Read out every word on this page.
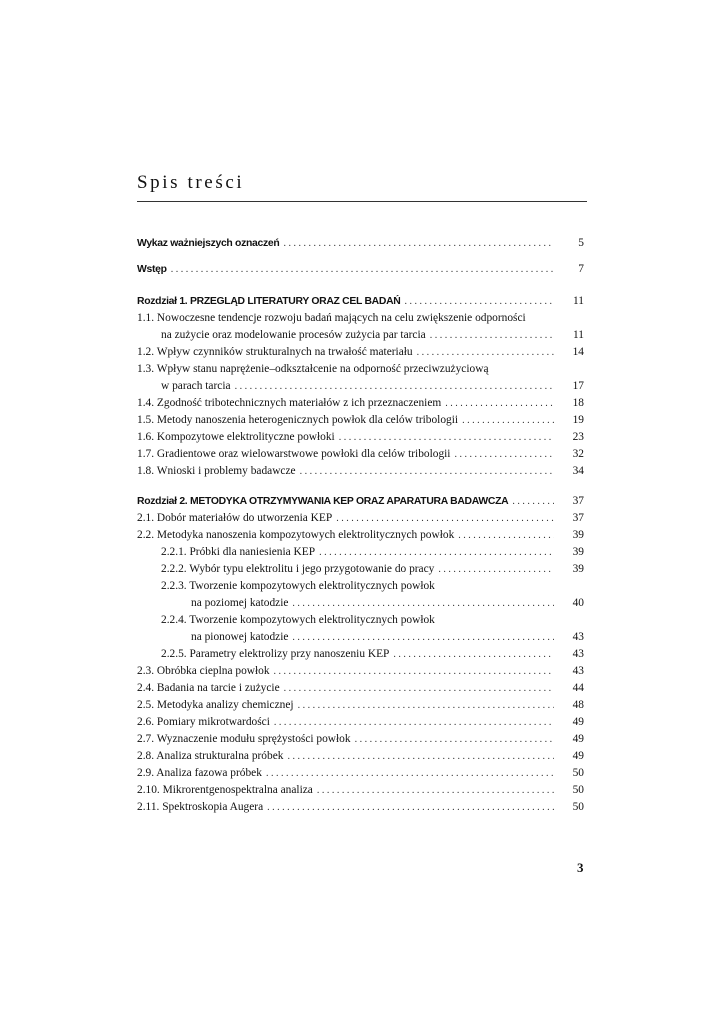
Spis treści
Wykaz ważniejszych oznaczeń . . .	5
Wstęp . . .	7
Rozdział 1. PRZEGLĄD LITERATURY ORAZ CEL BADAŃ . . .	11
1.1. Nowoczesne tendencje rozwoju badań mających na celu zwiększenie odporności
na zużycie oraz modelowanie procesów zużycia par tarcia . . .	11
1.2. Wpływ czynników strukturalnych na trwałość materiału . . .	14
1.3. Wpływ stanu naprężenie–odkształcenie na odporność przeciwzużyciową
w parach tarcia . . .	17
1.4. Zgodność tribotechnicznych materiałów z ich przeznaczeniem . . .	18
1.5. Metody nanoszenia heterogenicznych powłok dla celów tribologii . . .	19
1.6. Kompozytowe elektrolityczne powłoki . . .	23
1.7. Gradientowe oraz wielowarstwowe powłoki dla celów tribologii . . .	32
1.8. Wnioski i problemy badawcze . . .	34
Rozdział 2. METODYKA OTRZYMYWANIA KEP ORAZ APARATURA BADAWCZA . . .	37
2.1. Dobór materiałów do utworzenia KEP . . .	37
2.2. Metodyka nanoszenia kompozytowych elektrolitycznych powłok . . .	39
2.2.1. Próbki dla naniesienia KEP . . .	39
2.2.2. Wybór typu elektrolitu i jego przygotowanie do pracy . . .	39
2.2.3. Tworzenie kompozytowych elektrolitycznych powłok
na poziomej katodzie . . .	40
2.2.4. Tworzenie kompozytowych elektrolitycznych powłok
na pionowej katodzie . . .	43
2.2.5. Parametry elektrolizy przy nanoszeniu KEP . . .	43
2.3. Obróbka cieplna powłok . . .	43
2.4. Badania na tarcie i zużycie . . .	44
2.5. Metodyka analizy chemicznej . . .	48
2.6. Pomiary mikrotwardości . . .	49
2.7. Wyznaczenie modułu sprężystości powłok . . .	49
2.8. Analiza strukturalna próbek . . .	49
2.9. Analiza fazowa próbek . . .	50
2.10. Mikrorentgenospektralna analiza . . .	50
2.11. Spektroskopia Augera . . .	50
3
